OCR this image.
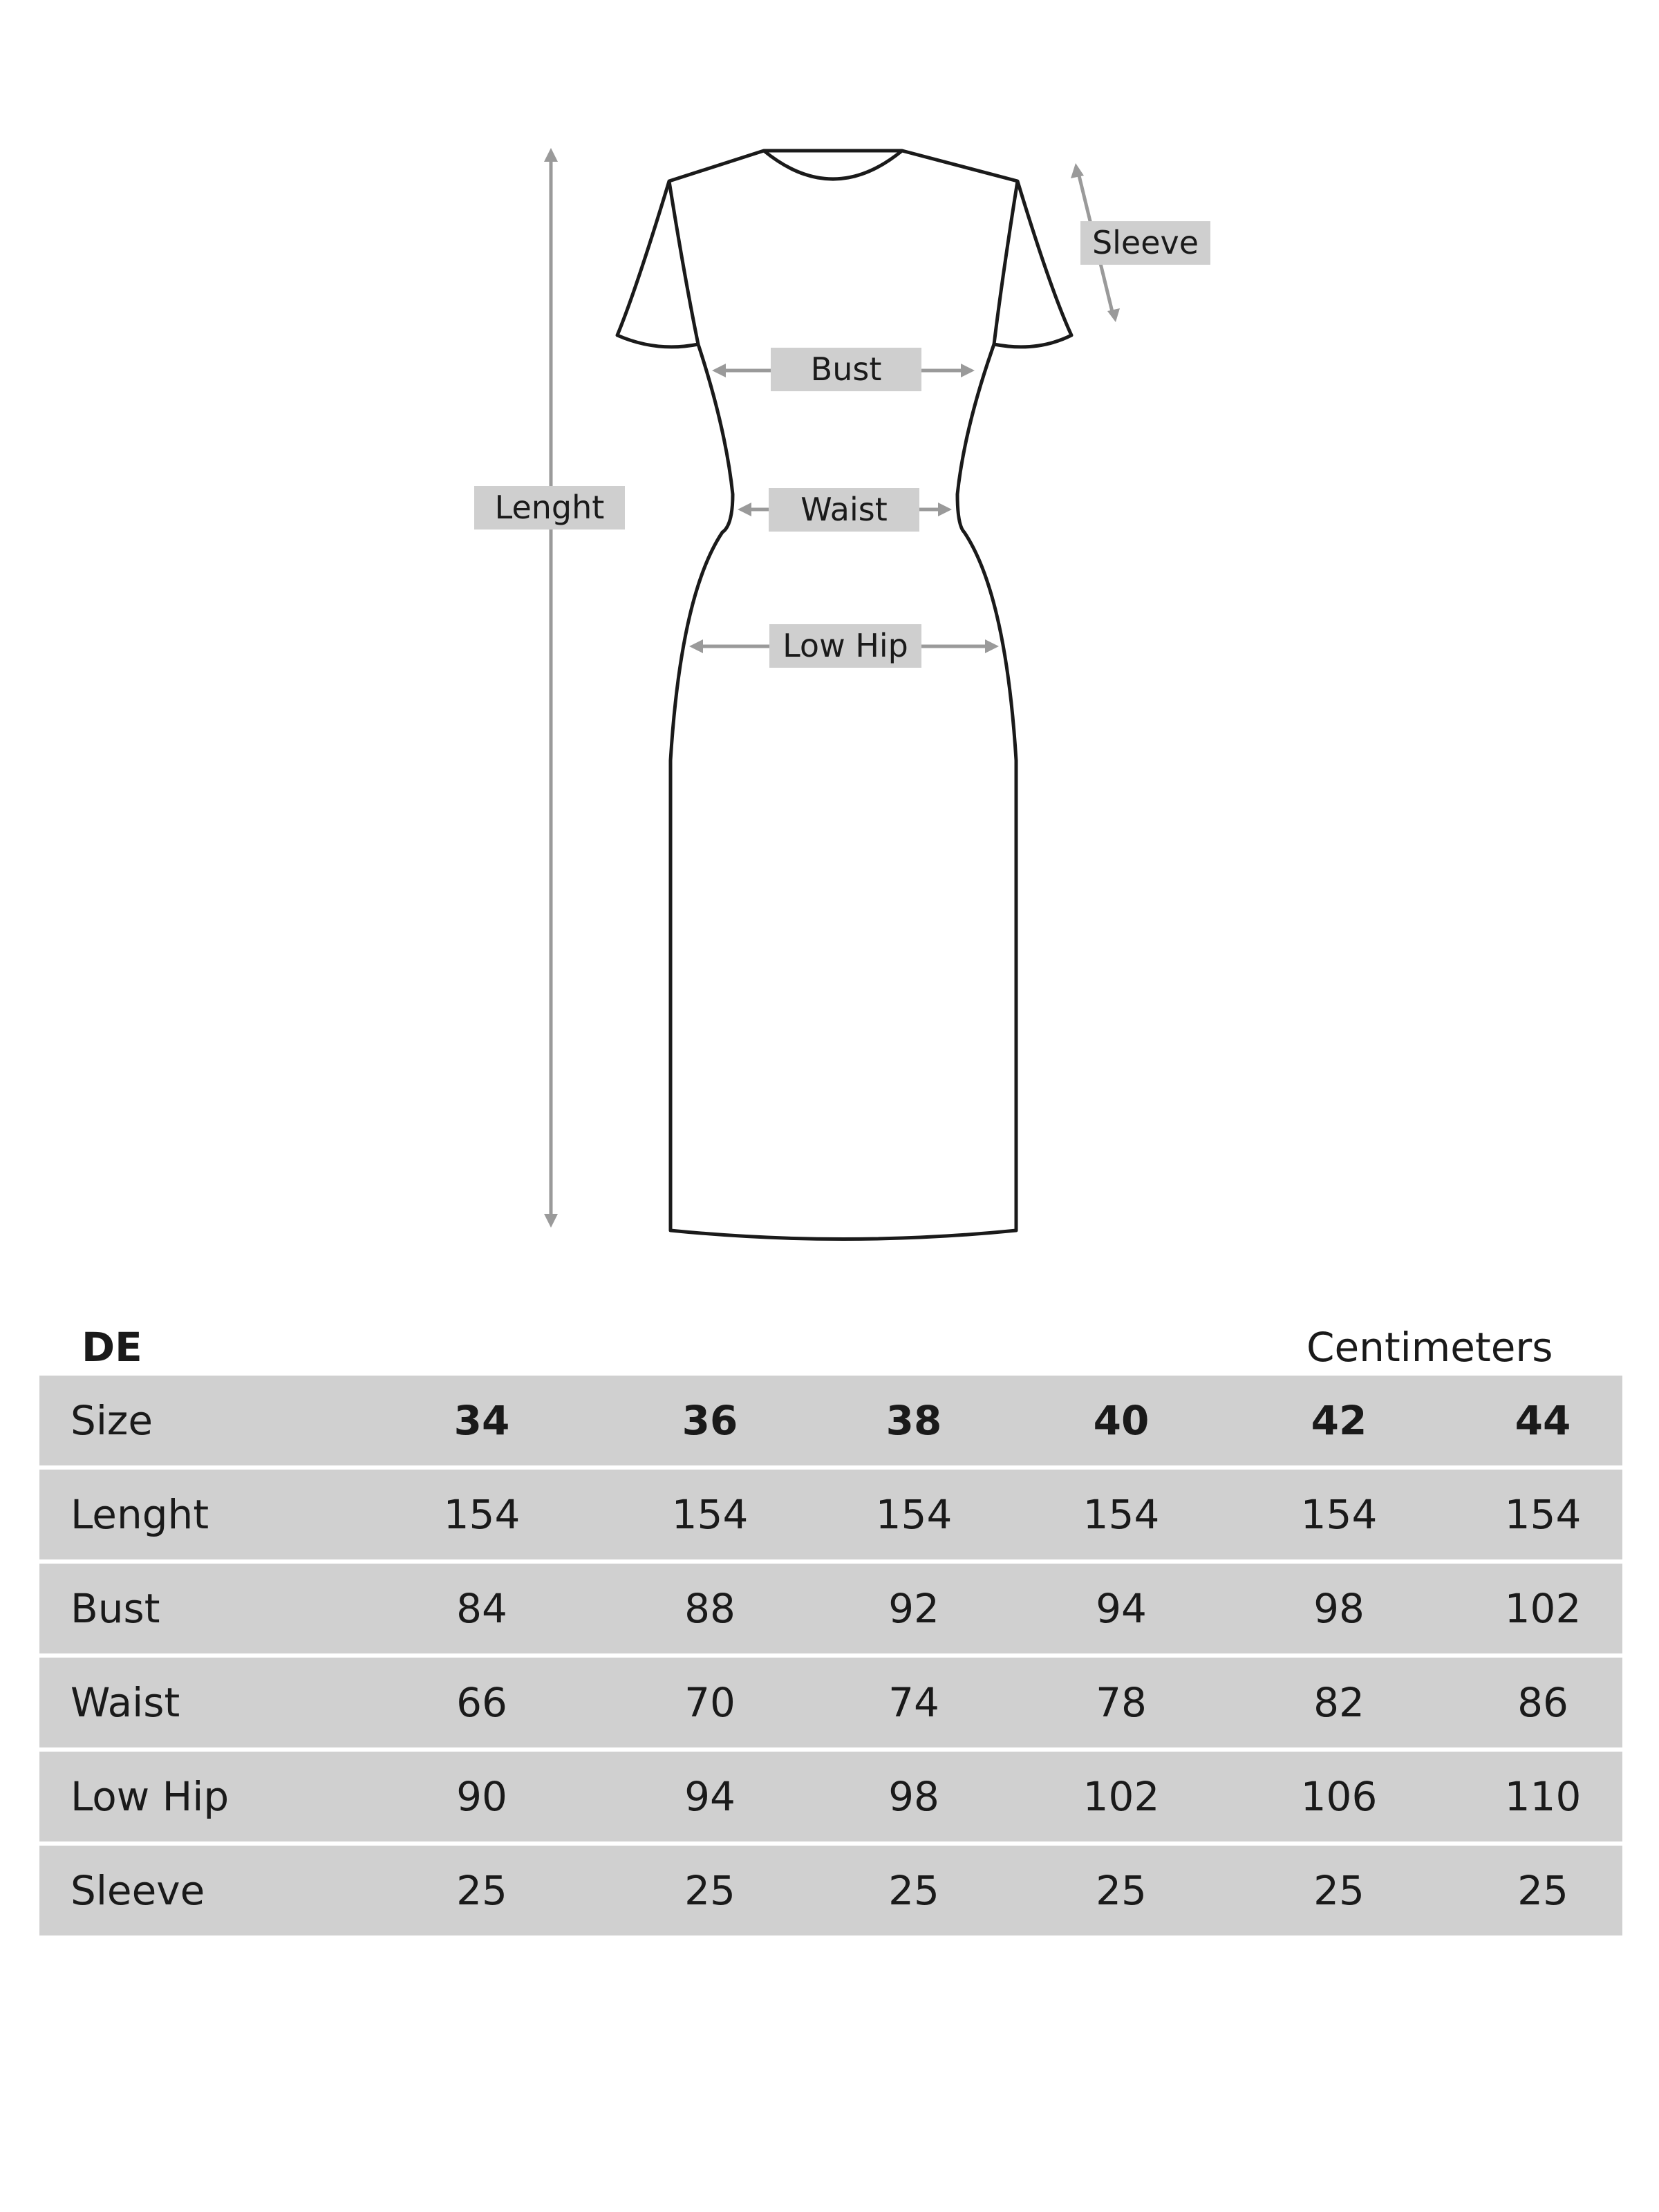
Lenght
Sleeve
Bust
Waist
Low Hip
DE	Centimeters
Size	34	36	38	40	42	44
Lenght	154	154	154	154	154	154
Bust	84	88	92	94	98	102
Waist	66	70	74	78	82	86
Low Hip	90	94	98	102	106	110
Sleeve	25	25	25	25	25	25
